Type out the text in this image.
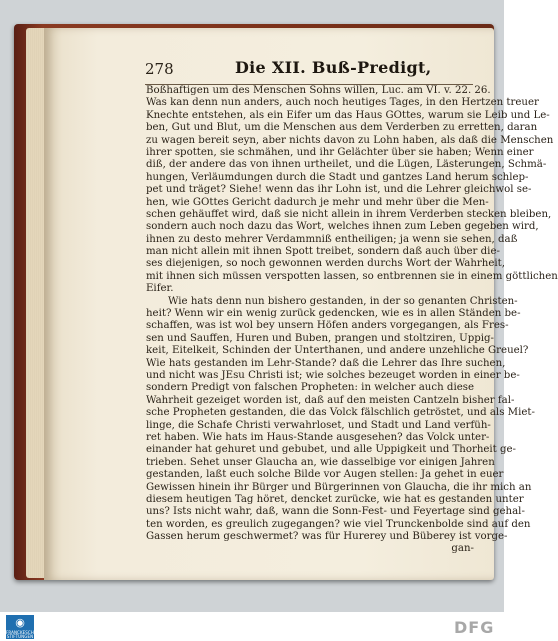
278	Die XII. Buß-Predigt,
Boßhaftigen um des Menschen Sohns willen, Luc. am VI. v. 22. 26.
Was kan denn nun anders, auch noch heutiges Tages, in den Hertzen treuer
Knechte entstehen, als ein Eifer um das Haus GOttes, warum sie Leib und Le-
ben, Gut und Blut, um die Menschen aus dem Verderben zu erretten, daran
zu wagen bereit seyn, aber nichts davon zu Lohn haben, als daß die Menschen
ihrer spotten, sie schmähen, und ihr Gelächter über sie haben; Wenn einer
diß, der andere das von ihnen urtheilet, und die Lügen, Lästerungen, Schmä-
hungen, Verläumdungen durch die Stadt und gantzes Land herum schlep-
pet und träget? Siehe! wenn das ihr Lohn ist, und die Lehrer gleichwol se-
hen, wie GOttes Gericht dadurch je mehr und mehr über die Men-
schen gehäuffet wird, daß sie nicht allein in ihrem Verderben stecken bleiben,
sondern auch noch dazu das Wort, welches ihnen zum Leben gegeben wird,
ihnen zu desto mehrer Verdammniß entheiligen; ja wenn sie sehen, daß
man nicht allein mit ihnen Spott treibet, sondern daß auch über die-
ses diejenigen, so noch gewonnen werden durchs Wort der Wahrheit,
mit ihnen sich müssen verspotten lassen, so entbrennen sie in einem göttlichen
Eifer.
Wie hats denn nun bishero gestanden, in der so genanten Christen-
heit? Wenn wir ein wenig zurück gedencken, wie es in allen Ständen be-
schaffen, was ist wol bey unsern Höfen anders vorgegangen, als Fres-
sen und Sauffen, Huren und Buben, prangen und stoltziren, Uppig-
keit, Eitelkeit, Schinden der Unterthanen, und andere unzehliche Greuel?
Wie hats gestanden im Lehr-Stande? daß die Lehrer das Ihre suchen,
und nicht was JEsu Christi ist; wie solches bezeuget worden in einer be-
sondern Predigt von falschen Propheten: in welcher auch diese
Wahrheit gezeiget worden ist, daß auf den meisten Cantzeln bisher fal-
sche Propheten gestanden, die das Volck fälschlich getröstet, und als Miet-
linge, die Schafe Christi verwahrloset, und Stadt und Land verfüh-
ret haben. Wie hats im Haus-Stande ausgesehen? das Volck unter-
einander hat gehuret und gebubet, und alle Uppigkeit und Thorheit ge-
trieben. Sehet unser Glaucha an, wie dasselbige vor einigen Jahren
gestanden, laßt euch solche Bilde vor Augen stellen: Ja gehet in euer
Gewissen hinein ihr Bürger und Bürgerinnen von Glaucha, die ihr mich an
diesem heutigen Tag höret, dencket zurücke, wie hat es gestanden unter
uns? Ists nicht wahr, daß, wann die Sonn-Fest- und Feyertage sind gehal-
ten worden, es greulich zugegangen? wie viel Trunckenbolde sind auf den
Gassen herum geschwermet? was für Hurerey und Büberey ist vorge-
gan-
◉
FRANCKESCHE STIFTUNGEN	DFG
